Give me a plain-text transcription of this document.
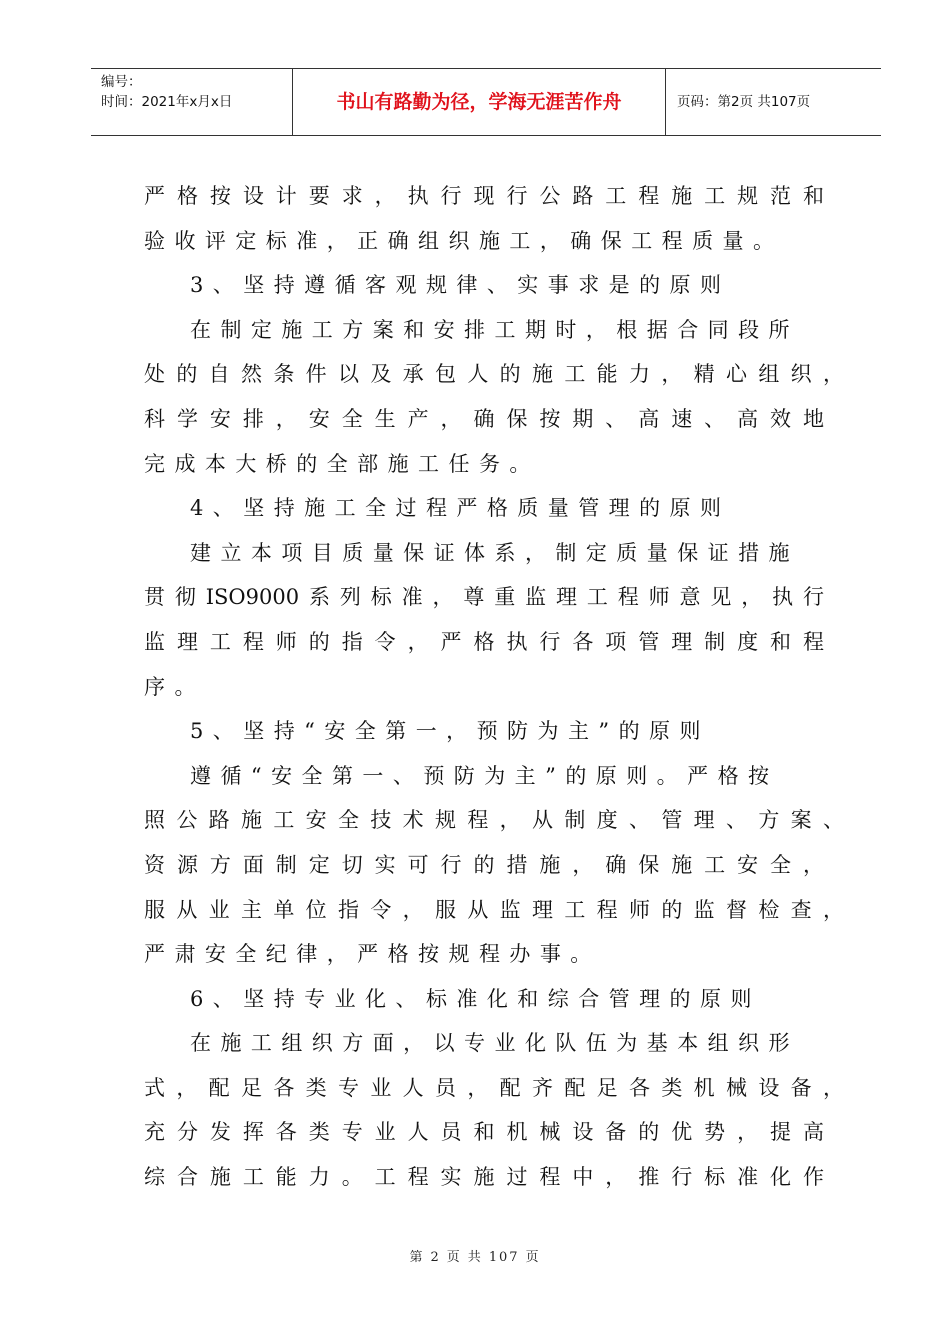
编号：
时间：2021年x月x日	书山有路勤为径，学海无涯苦作舟	页码：第2页 共107页
严格按设计要求，执行现行公路工程施工规范和
验收评定标准，正确组织施工，确保工程质量。
3、坚持遵循客观规律、实事求是的原则
在制定施工方案和安排工期时，根据合同段所
处的自然条件以及承包人的施工能力，精心组织，
科学安排，安全生产，确保按期、高速、高效地
完成本大桥的全部施工任务。
4、坚持施工全过程严格质量管理的原则
建立本项目质量保证体系，制定质量保证措施
贯彻ISO9000系列标准，尊重监理工程师意见，执行
监理工程师的指令，严格执行各项管理制度和程
序。
5、坚持“安全第一，预防为主”的原则
遵循“安全第一、预防为主”的原则。严格按
照公路施工安全技术规程，从制度、管理、方案、
资源方面制定切实可行的措施，确保施工安全，
服从业主单位指令，服从监理工程师的监督检查，
严肃安全纪律，严格按规程办事。
6、坚持专业化、标准化和综合管理的原则
在施工组织方面，以专业化队伍为基本组织形
式，配足各类专业人员，配齐配足各类机械设备，
充分发挥各类专业人员和机械设备的优势，提高
综合施工能力。工程实施过程中，推行标准化作
第 2 页 共 107 页
